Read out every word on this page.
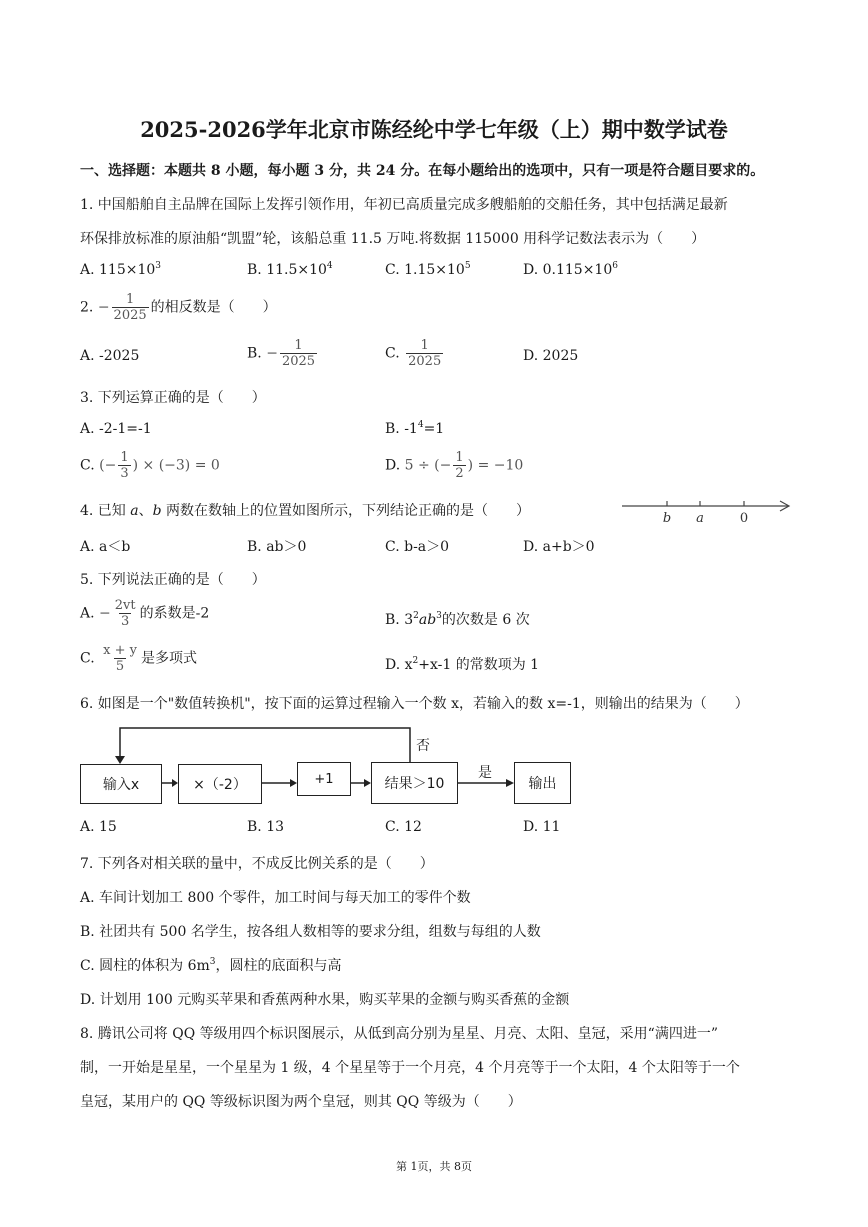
2025-2026学年北京市陈经纶中学七年级（上）期中数学试卷
一、选择题：本题共 8 小题，每小题 3 分，共 24 分。在每小题给出的选项中，只有一项是符合题目要求的。
1. 中国船舶自主品牌在国际上发挥引领作用，年初已高质量完成多艘船舶的交船任务，其中包括满足最新
环保排放标准的原油船“凯盟”轮，该船总重 11.5 万吨.将数据 115000 用科学记数法表示为（　　）
A. $115\times 10^3$	B. $11.5\times 10^4$	C. $1.15\times 10^5$	D. $0.115\times 10^6$
2. − $\frac{1}{2025}$ 的相反数是（　　）
A. -2025	B. − $\frac{1}{2025}$	C. $\frac{1}{2025}$	D. 2025
3. 下列运算正确的是（　　）
A. -2-1=-1	B. $-1^4=1$
C. (− $\frac{1}{3}$ ) × (−3) = 0	D. 5 ÷ (− $\frac{1}{2}$ ) = −10
4. 已知 a、b 两数在数轴上的位置如图所示，下列结论正确的是（　　）	b a	0
A. a＜b	B. ab＞0	C. b-a＞0	D. a+b＞0
5. 下列说法正确的是（　　）
A. − $\frac{2vt}{3}$ 的系数是-2	B. $3^2ab^3$的次数是 6 次
C. $\frac{x + y}{5}$ 是多项式	D. $x^2+x-1$ 的常数项为 1
6. 如图是一个"数值转换机"，按下面的运算过程输入一个数 x，若输入的数 x=-1，则输出的结果为（　　）
否
是
输入x	×（-2）	+1	结果＞10	输出
A. 15	B. 13	C. 12	D. 11
7. 下列各对相关联的量中，不成反比例关系的是（　　）
A. 车间计划加工 800 个零件，加工时间与每天加工的零件个数
B. 社团共有 500 名学生，按各组人数相等的要求分组，组数与每组的人数
C. 圆柱的体积为 $6m^3$，圆柱的底面积与高
D. 计划用 100 元购买苹果和香蕉两种水果，购买苹果的金额与购买香蕉的金额
8. 腾讯公司将 QQ 等级用四个标识图展示，从低到高分别为星星、月亮、太阳、皇冠，采用“满四进一”
制，一开始是星星，一个星星为 1 级，4 个星星等于一个月亮，4 个月亮等于一个太阳，4 个太阳等于一个
皇冠，某用户的 QQ 等级标识图为两个皇冠，则其 QQ 等级为（　　）
第 1页，共 8页
